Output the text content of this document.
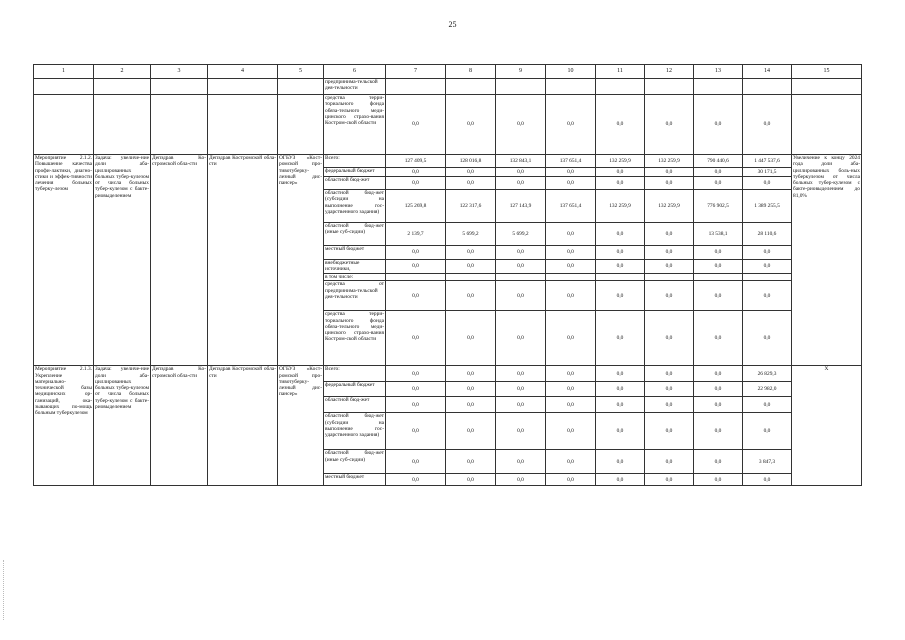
25
1	2	3	4	5	6	7	8	9	10	11	12	13	14	15
					предпринима-тельской дея-тельности									
					средства терри-ториального фонда обяза-тельного меди-цинского страхо-вания Костром-ской области	0,0	0,0	0,0	0,0	0,0	0,0	0,0	0,0	
Мероприятие 2.1.2. Повышение качества профи-лактики, диагно-стики и эффек-тивности лечения больных туберку-лезом	Задача: увеличе-ние доли аба-циллированных больных тубер-кулезом от числа больных тубер-кулезом с бакте-риовыделением	Депздрав Ко-стромской обла-сти	Депздрав Костромской обла-сти	ОГБУЗ «Кост-ромской про-тивотуберку-лезный дис-пансер»	Всего:	127 409,5	128 016,8	132 843,1	137 651,4	132 259,9	132 259,9	790 440,6	1 447 537,6	Увеличение к концу 2024 года доли аба-циллированных боль-ных туберкулезом от числа больных тубер-кулезом с бакте-риовыделением до 81,0%
					федеральный бюджет	0,0	0,0	0,0	0,0	0,0	0,0	0,0	30 171,5	
					областной бюд-жет	0,0	0,0	0,0	0,0	0,0	0,0	0,0	0,0	
					областной бюд-жет (субсидии на выполнение гос-ударственного задания)	125 269,8	122 317,6	127 143,9	137 651,4	132 259,9	132 259,9	776 902,5	1 389 255,5	
					областной бюд-жет (иные суб-сидии)	2 139,7	5 699,2	5 699,2	0,0	0,0	0,0	13 538,1	28 110,6	
					местный бюджет	0,0	0,0	0,0	0,0	0,0	0,0	0,0	0,0	
					внебюджетные источники,	0,0	0,0	0,0	0,0	0,0	0,0	0,0	0,0	
					в том числе:									
					средства от предпринима-тельской дея-тельности	0,0	0,0	0,0	0,0	0,0	0,0	0,0	0,0	
					средства терри-ториального фонда обяза-тельного меди-цинского страхо-вания Костром-ской области	0,0	0,0	0,0	0,0	0,0	0,0	0,0	0,0	
Мероприятие 2.1.3. Укрепление материально-технической базы медицинских ор-ганизаций, ока-зывающих по-мощь больным туберкулезом	Задача: увеличе-ние доли аба-циллированных больных тубер-кулезом от числа больных тубер-кулезом с бакте-риовыделением	Депздрав Ко-стромской обла-сти	Депздрав Костромской обла-сти	ОГБУЗ «Кост-ромской про-тивотуберку-лезный дис-пансер»	Всего:	0,0	0,0	0,0	0,0	0,0	0,0	0,0	26 829,3	Х
					федеральный бюджет	0,0	0,0	0,0	0,0	0,0	0,0	0,0	22 982,0	
					областной бюд-жет	0,0	0,0	0,0	0,0	0,0	0,0	0,0	0,0	
					областной бюд-жет (субсидии на выполнение гос-ударственного задания)	0,0	0,0	0,0	0,0	0,0	0,0	0,0	0,0	
					областной бюд-жет (иные суб-сидии)	0,0	0,0	0,0	0,0	0,0	0,0	0,0	3 847,3	
					местный бюджет	0,0	0,0	0,0	0,0	0,0	0,0	0,0	0,0	
